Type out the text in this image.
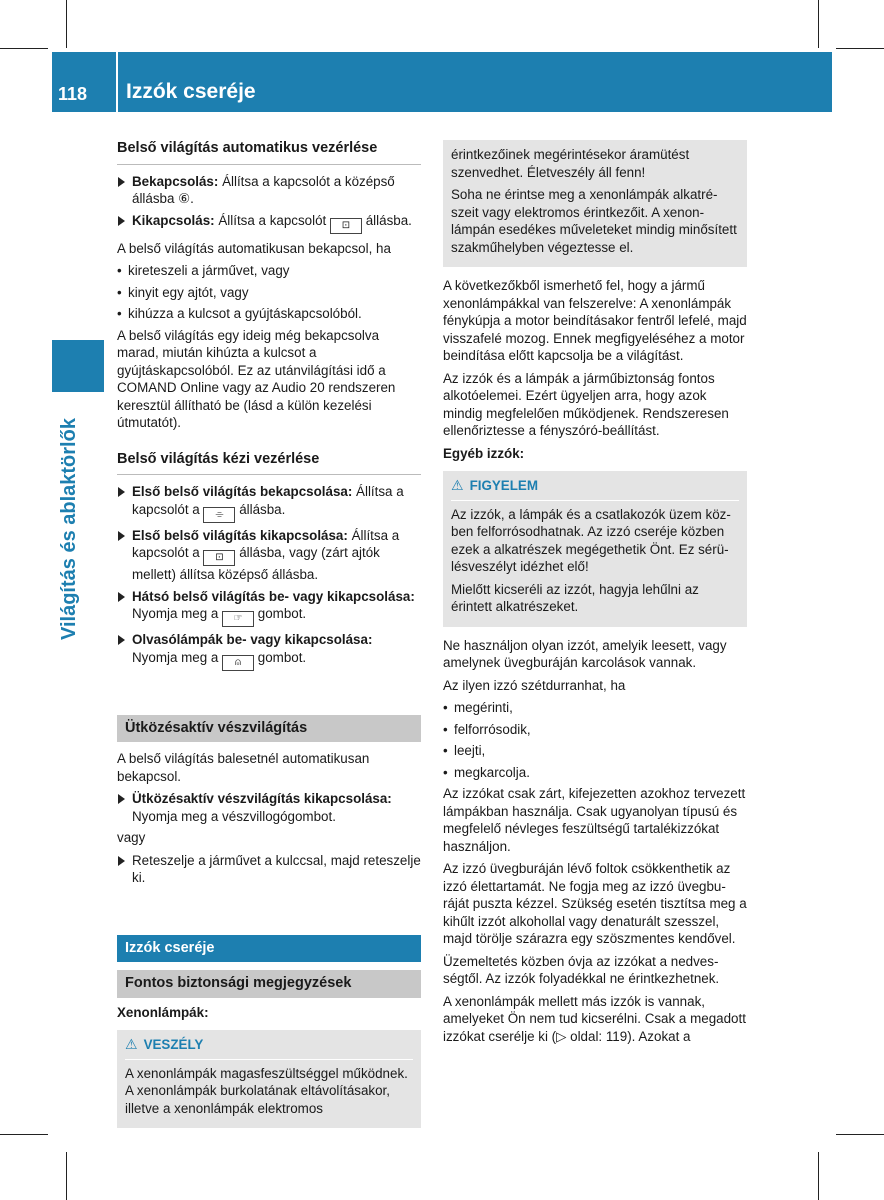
118 Izzók cseréje
Világítás és ablaktörlők
Belső világítás automatikus vezérlése
Bekapcsolás: Állítsa a kapcsolót a középső állásba ⑥.
Kikapcsolás: Állítsa a kapcsolót ⊡ állásba.

A belső világítás automatikusan bekapcsol, ha

• kireteszeli a járművet, vagy
• kinyit egy ajtót, vagy
• kihúzza a kulcsot a gyújtáskapcsolóból.

A belső világítás egy ideig még bekapcsolva marad, miután kihúzta a kulcsot a gyújtáskapcsolóból. Ez az utánvilágítási idő a COMAND Online vagy az Audio 20 rendszeren keresztül állítható be (lásd a külön kezelési útmutatót).

Belső világítás kézi vezérlése
Első belső világítás bekapcsolása: Állítsa a kapcsolót a ⌯ állásba.
Első belső világítás kikapcsolása: Állítsa a kapcsolót a ⊡ állásba, vagy (zárt ajtók mellett) állítsa középső állásba.
Hátsó belső világítás be- vagy kikapcsolása: Nyomja meg a ☞ gombot.
Olvasólámpák be- vagy kikapcsolása: Nyomja meg a ⍝ gombot.
Ütközésaktív vészvilágítás

A belső világítás balesetnél automatikusan bekapcsol.

Ütközésaktív vészvilágítás kikapcsolása: Nyomja meg a vészvillogógombot.

vagy

Reteszelje a járművet a kulccsal, majd reteszelje ki.
Izzók cseréje
Fontos biztonsági megjegyzések

Xenonlámpák:

⚠ VESZÉLY

A xenonlámpák magasfeszültséggel működnek. A xenonlámpák burkolatának eltávolításakor, illetve a xenonlámpák elektromos

érintkezőinek megérintésekor áramütést szenvedhet. Életveszély áll fenn!

Soha ne érintse meg a xenonlámpák alkatrészeit vagy elektromos érintkezőit. A xenonlámpán esedékes műveleteket mindig minősített szakműhelyben végeztesse el.

A következőkből ismerhető fel, hogy a jármű xenonlámpákkal van felszerelve: A xenonlámpák fénykúpja a motor beindításakor fentről lefelé, majd visszafelé mozog. Ennek megfigyeléséhez a motor beindítása előtt kapcsolja be a világítást.

Az izzók és a lámpák a járműbiztonság fontos alkotóelemei. Ezért ügyeljen arra, hogy azok mindig megfelelően működjenek. Rendszeresen ellenőriztesse a fényszóró-beállítást.

Egyéb izzók:

⚠ FIGYELEM

Az izzók, a lámpák és a csatlakozók üzem közben felforrósodhatnak. Az izzó cseréje közben ezek a alkatrészek megégethetik Önt. Ez sérülésveszélyt idézhet elő!

Mielőtt kicseréli az izzót, hagyja lehűlni az érintett alkatrészeket.

Ne használjon olyan izzót, amelyik leesett, vagy amelynek üvegburáján karcolások vannak.

Az ilyen izzó szétdurranhat, ha

• megérinti,
• felforrósodik,
• leejti,
• megkarcolja.

Az izzókat csak zárt, kifejezetten azokhoz tervezett lámpákban használja. Csak ugyanolyan típusú és megfelelő névleges feszültségű tartalékizzókat használjon.

Az izzó üvegburáján lévő foltok csökkenthetik az izzó élettartamát. Ne fogja meg az izzó üvegburáját puszta kézzel. Szükség esetén tisztítsa meg a kihűlt izzót alkohollal vagy denaturált szesszel, majd törölje szárazra egy szöszmentes kendővel.

Üzemeltetés közben óvja az izzókat a nedvességtől. Az izzók folyadékkal ne érintkezhetnek.

A xenonlámpák mellett más izzók is vannak, amelyeket Ön nem tud kicserélni. Csak a megadott izzókat cserélje ki (▷ oldal: 119). Azokat a
